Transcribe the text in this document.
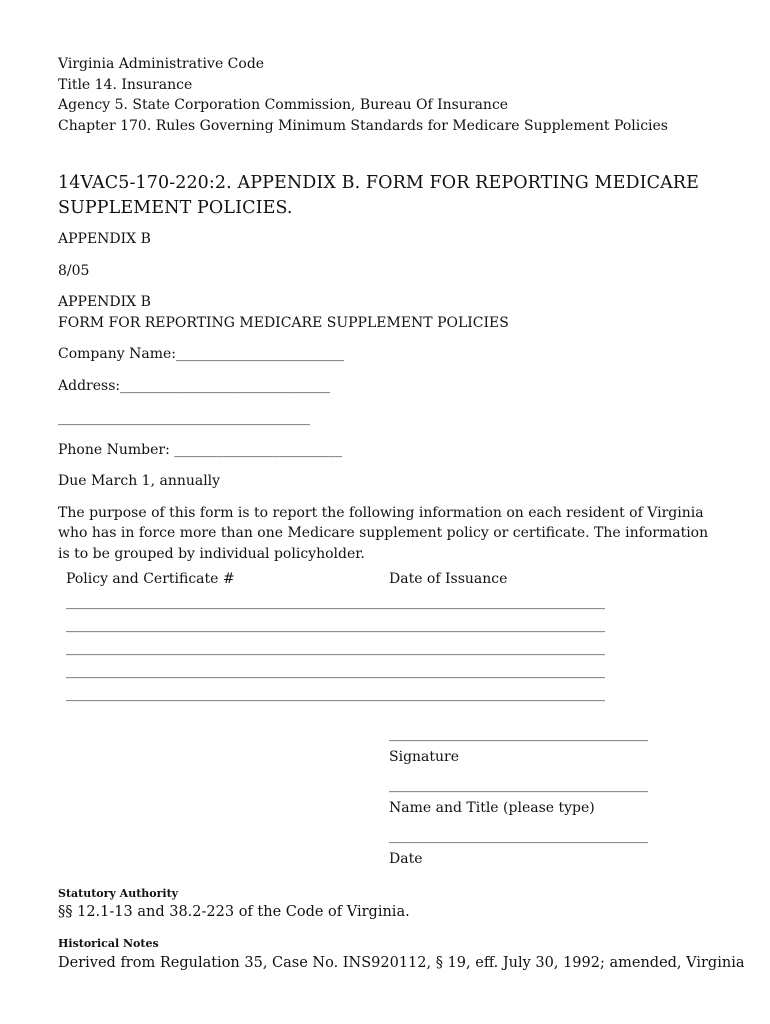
Virginia Administrative Code
Title 14. Insurance
Agency 5. State Corporation Commission, Bureau Of Insurance
Chapter 170. Rules Governing Minimum Standards for Medicare Supplement Policies
14VAC5-170-220:2. APPENDIX B. FORM FOR REPORTING MEDICARE SUPPLEMENT POLICIES.
APPENDIX B
8/05
APPENDIX B
FORM FOR REPORTING MEDICARE SUPPLEMENT POLICIES
Company Name:________________________
Address:______________________________
____________________________________
Phone Number: ________________________
Due March 1, annually
The purpose of this form is to report the following information on each resident of Virginia who has in force more than one Medicare supplement policy or certificate. The information is to be grouped by individual policyholder.
Policy and Certificate #	Date of Issuance
_____________________________________________________________________________
_____________________________________________________________________________
_____________________________________________________________________________
_____________________________________________________________________________
_____________________________________________________________________________
_____________________________________
Signature
_____________________________________
Name and Title (please type)
_____________________________________
Date
Statutory Authority
§§ 12.1-13 and 38.2-223 of the Code of Virginia.
Historical Notes
Derived from Regulation 35, Case No. INS920112, § 19, eff. July 30, 1992; amended, Virginia
